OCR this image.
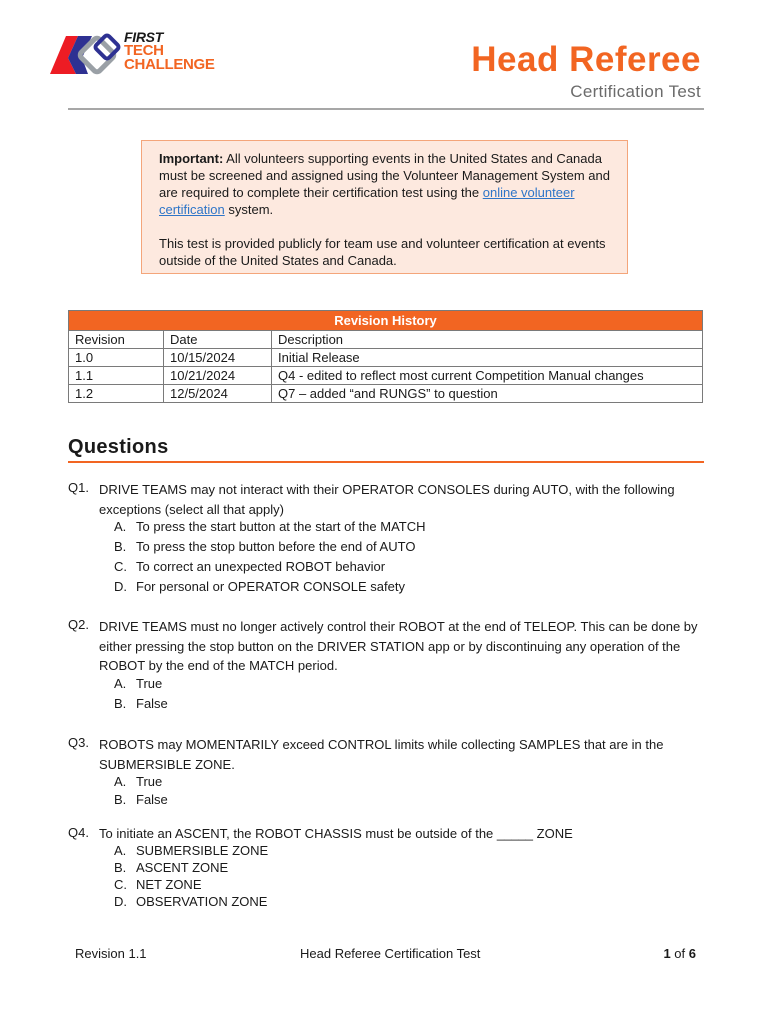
FIRST
TECH
CHALLENGE	Head Referee
Certification Test

Important: All volunteers supporting events in the United States and Canada must be screened and assigned using the Volunteer Management System and are required to complete their certification test using the online volunteer certification system.

This test is provided publicly for team use and volunteer certification at events outside of the United States and Canada.

Revision History		
Revision	Date	Description
1.0	10/15/2024	Initial Release
1.1	10/21/2024	Q4 - edited to reflect most current Competition Manual changes
1.2	12/5/2024	Q7 – added “and RUNGS” to question
Questions
Q1. DRIVE TEAMS may not interact with their OPERATOR CONSOLES during AUTO, with the following exceptions (select all that apply)
A. To press the start button at the start of the MATCH
B. To press the stop button before the end of AUTO
C. To correct an unexpected ROBOT behavior
D. For personal or OPERATOR CONSOLE safety
Q2. DRIVE TEAMS must no longer actively control their ROBOT at the end of TELEOP. This can be done by either pressing the stop button on the DRIVER STATION app or by discontinuing any operation of the ROBOT by the end of the MATCH period.
A. True
B. False
Q3. ROBOTS may MOMENTARILY exceed CONTROL limits while collecting SAMPLES that are in the SUBMERSIBLE ZONE.
A. True
B. False
Q4. To initiate an ASCENT, the ROBOT CHASSIS must be outside of the _____ ZONE
A. SUBMERSIBLE ZONE
B. ASCENT ZONE
C. NET ZONE
D. OBSERVATION ZONE
Revision 1.1	Head Referee Certification Test	1 of 6
